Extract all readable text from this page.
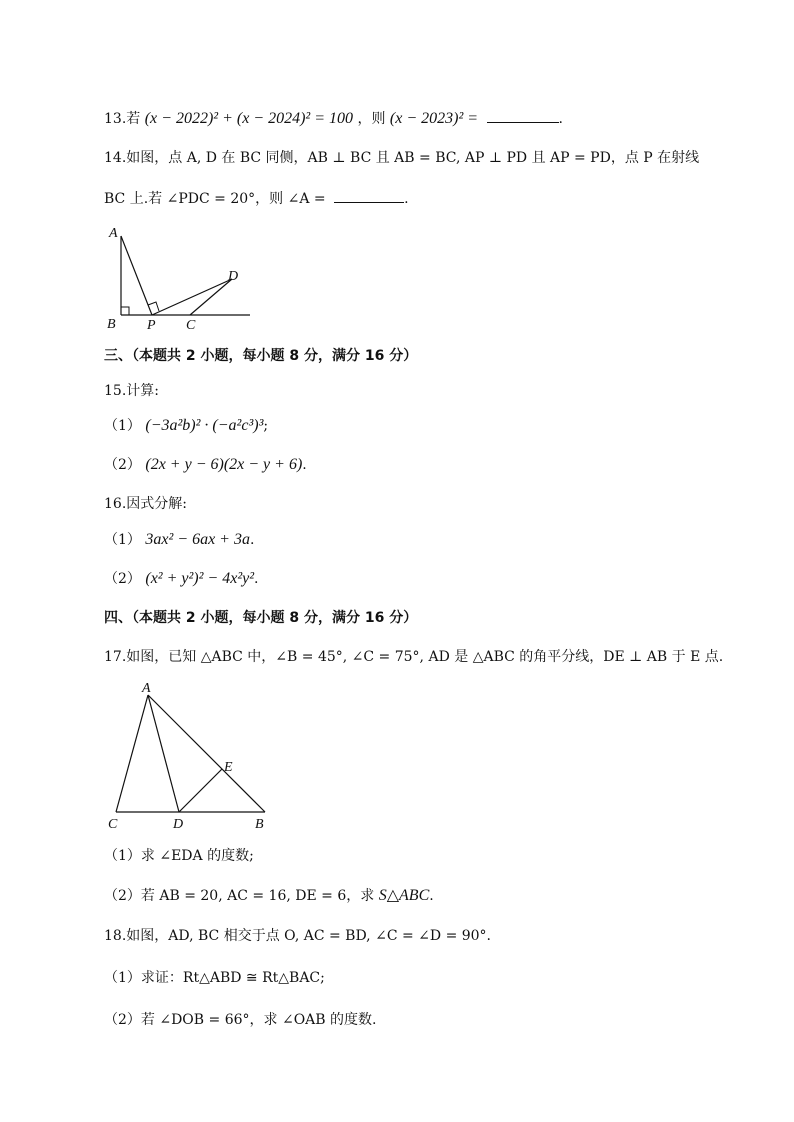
13.若 (x − 2022)² + (x − 2024)² = 100 ，则 (x − 2023)² =	.
14.如图，点 A, D 在 BC 同侧，AB ⊥ BC 且 AB = BC, AP ⊥ PD 且 AP = PD，点 P 在射线
BC 上.若 ∠PDC = 20°，则 ∠A =	.
A
B P C
D
三、（本题共 2 小题，每小题 8 分，满分 16 分）
15.计算:
（1） (−3a²b)² · (−a²c³)³;
（2） (2x + y − 6)(2x − y + 6).
16.因式分解:
（1） 3ax² − 6ax + 3a.
（2） (x² + y²)² − 4x²y².
四、（本题共 2 小题，每小题 8 分，满分 16 分）
17.如图，已知 △ABC 中，∠B = 45°, ∠C = 75°, AD 是 △ABC 的角平分线，DE ⊥ AB 于 E 点.
A
C	D	B
E
（1）求 ∠EDA 的度数;
（2）若 AB = 20, AC = 16, DE = 6，求 S△ABC.
18.如图，AD, BC 相交于点 O, AC = BD, ∠C = ∠D = 90°.
（1）求证：Rt△ABD ≅ Rt△BAC;
（2）若 ∠DOB = 66°，求 ∠OAB 的度数.
